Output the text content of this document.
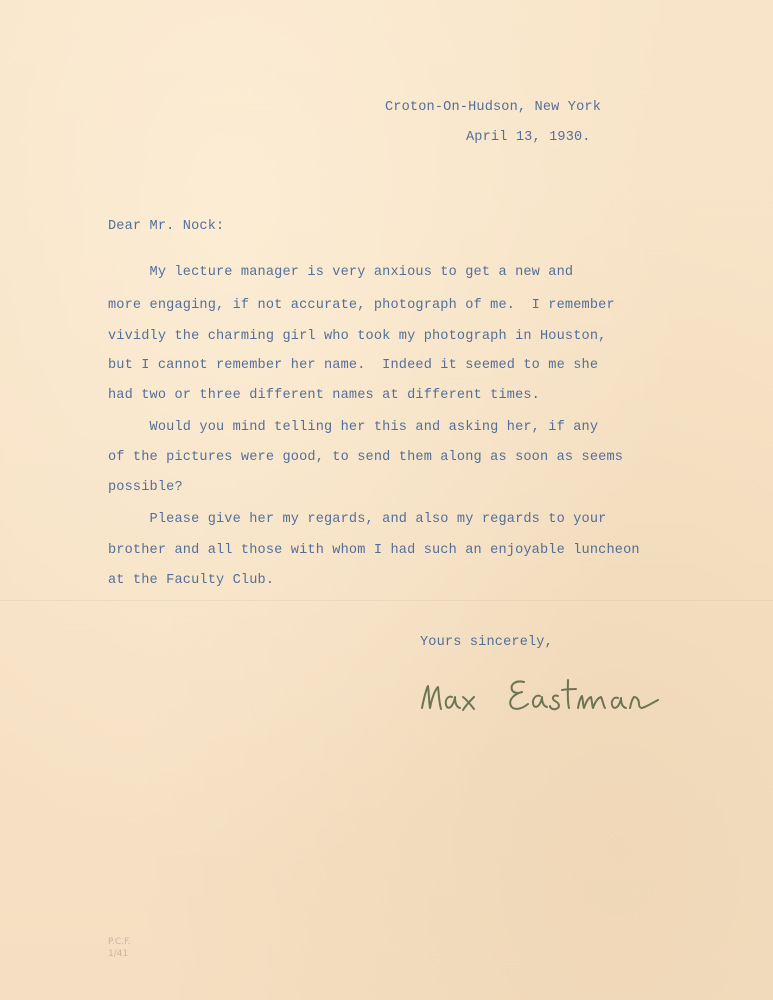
Croton-On-Hudson, New York
April 13, 1930.
Dear Mr. Nock:
My lecture manager is very anxious to get a new and
more engaging, if not accurate, photograph of me.  I remember
vividly the charming girl who took my photograph in Houston,
but I cannot remember her name.  Indeed it seemed to me she
had two or three different names at different times.
Would you mind telling her this and asking her, if any
of the pictures were good, to send them along as soon as seems
possible?
Please give her my regards, and also my regards to your
brother and all those with whom I had such an enjoyable luncheon
at the Faculty Club.
Yours sincerely,
P.C.F.
1/41
